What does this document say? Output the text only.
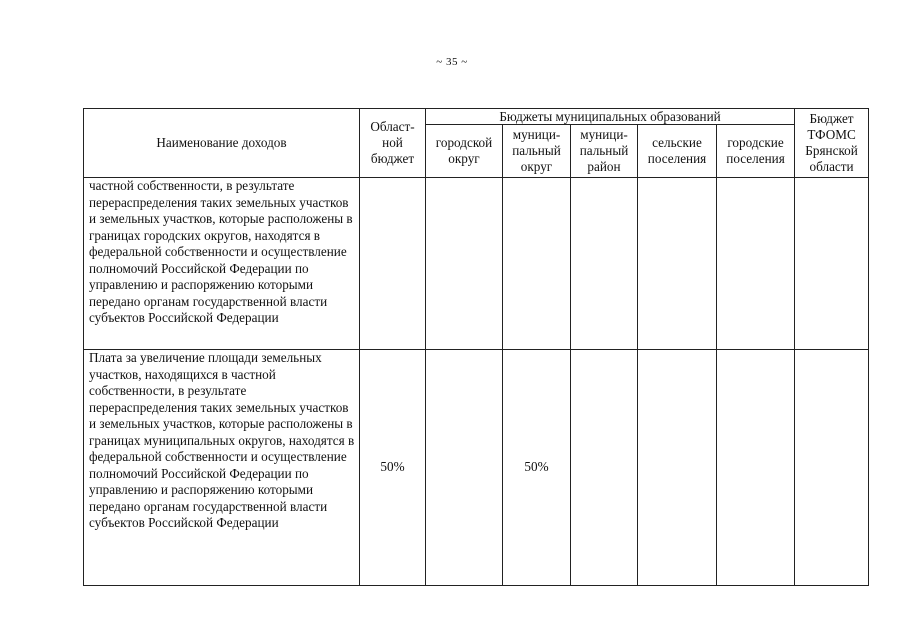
~ 35 ~
Наименование доходов	Област-ной бюджет	Бюджеты муниципальных образований					Бюджет ТФОМС Брянской области

		городской округ	муници-пальный округ	муници-пальный район	сельские поселения	городские поселения	

частной собственности, в результате перераспределения таких земельных участков и земельных участков, которые расположены в границах городских округов, находятся в федеральной собственности и осуществление полномочий Российской Федерации по управлению и распоряжению которыми передано органам государственной власти субъектов Российской Федерации							
Плата за увеличение площади земельных участков, находящихся в частной собственности, в результате перераспределения таких земельных участков и земельных участков, которые расположены в границах муниципальных округов, находятся в федеральной собственности и осуществление полномочий Российской Федерации по управлению и распоряжению которыми передано органам государственной власти субъектов Российской Федерации	50%		50%				
